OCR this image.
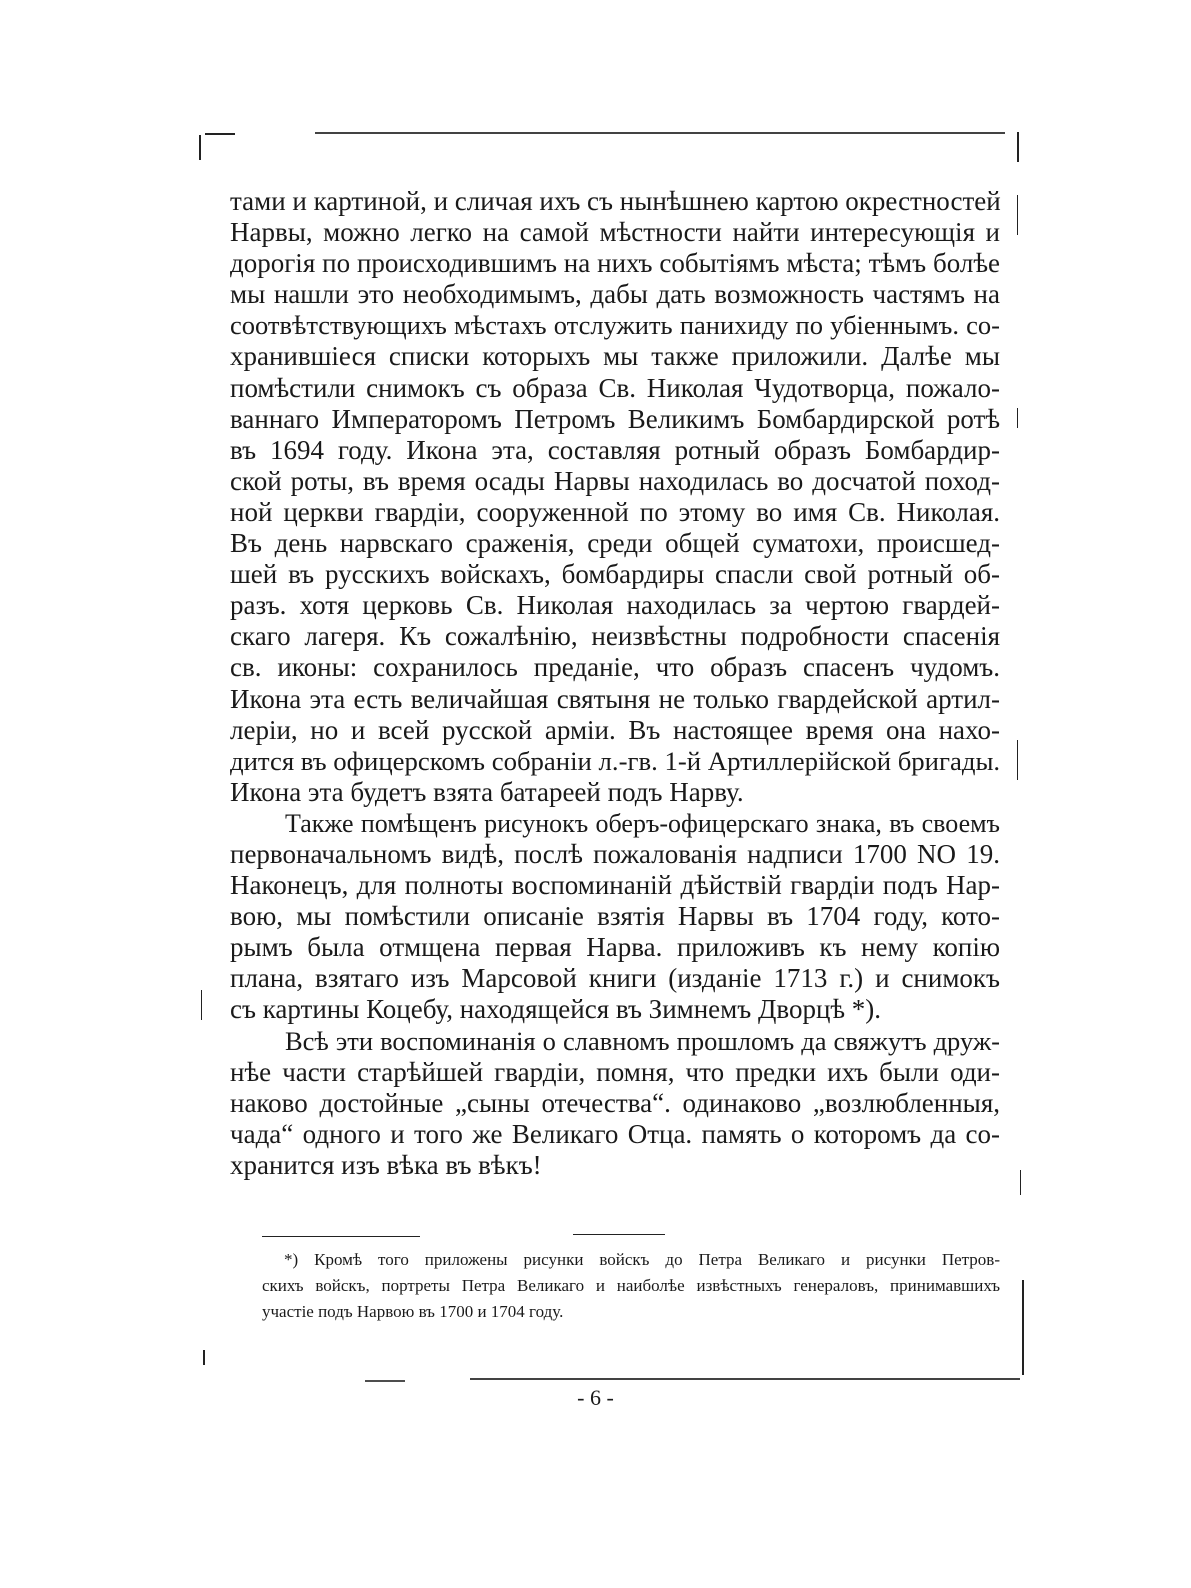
тами и картиной, и сличая ихъ съ нынѣшнею картою окрестностей
Нарвы, можно легко на самой мѣстности найти интересующія и
дорогія по происходившимъ на нихъ событіямъ мѣста; тѣмъ болѣе
мы нашли это необходимымъ, дабы дать возможность частямъ на
соотвѣтствующихъ мѣстахъ отслужить панихиду по убіеннымъ. со-
хранившіеся списки которыхъ мы также приложили. Далѣе мы
помѣстили снимокъ съ образа Св. Николая Чудотворца, пожало-
ваннаго Императоромъ Петромъ Великимъ Бомбардирской ротѣ
въ 1694 году. Икона эта, составляя ротный образъ Бомбардир-
ской роты, въ время осады Нарвы находилась во досчатой поход-
ной церкви гвардіи, сооруженной по этому во имя Св. Николая.
Въ день нарвскаго сраженія, среди общей суматохи, происшед-
шей въ русскихъ войскахъ, бомбардиры спасли свой ротный об-
разъ. хотя церковь Св. Николая находилась за чертою гвардей-
скаго лагеря. Къ сожалѣнію, неизвѣстны подробности спасенія
св. иконы: сохранилось преданіе, что образъ спасенъ чудомъ.
Икона эта есть величайшая святыня не только гвардейской артил-
леріи, но и всей русской арміи. Въ настоящее время она нахо-
дится въ офицерскомъ собраніи л.-гв. 1-й Артиллерійской бригады.
Икона эта будетъ взята батареей подъ Нарву.
Также помѣщенъ рисунокъ оберъ-офицерскаго знака, въ своемъ
первоначальномъ видѣ, послѣ пожалованія надписи 1700 NO 19.
Наконецъ, для полноты воспоминаній дѣйствій гвардіи подъ Нар-
вою, мы помѣстили описаніе взятія Нарвы въ 1704 году, кото-
рымъ была отмщена первая Нарва. приложивъ къ нему копію
плана, взятаго изъ Марсовой книги (изданіе 1713 г.) и снимокъ
съ картины Коцебу, находящейся въ Зимнемъ Дворцѣ *).
Всѣ эти воспоминанія о славномъ прошломъ да свяжутъ друж-
нѣе части старѣйшей гвардіи, помня, что предки ихъ были оди-
наково достойные „сыны отечества“. одинаково „возлюбленныя,
чада“ одного и того же Великаго Отца. память о которомъ да со-
хранится изъ вѣка въ вѣкъ!
*) Кромѣ того приложены рисунки войскъ до Петра Великаго и рисунки Петров-
скихъ войскъ, портреты Петра Великаго и наиболѣе извѣстныхъ генераловъ, принимавшихъ
участіе подъ Нарвою въ 1700 и 1704 году.
- 6 -
